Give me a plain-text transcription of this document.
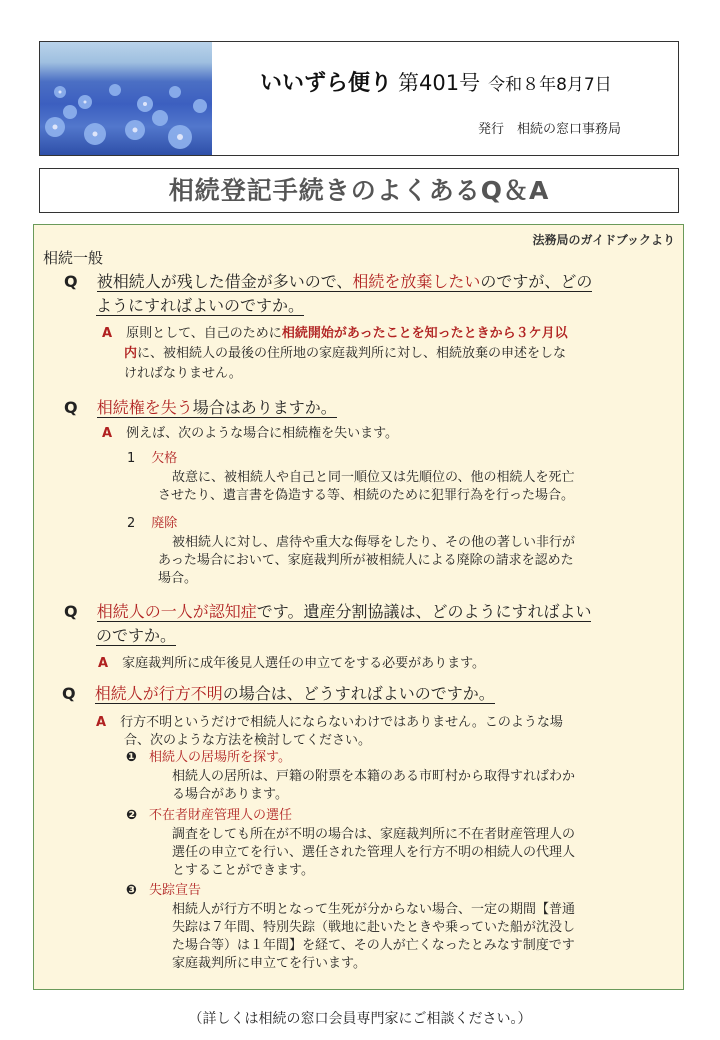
いいずら便り 第401号 令和８年8月7日
発行　相続の窓口事務局
相続登記手続きのよくあるQ＆A
法務局のガイドブックより
相続一般
Q 被相続人が残した借金が多いので、相続を放棄したいのですが、どの
ようにすればよいのですか。
A 原則として、自己のために相続開始があったことを知ったときから３ケ月以
内に、被相続人の最後の住所地の家庭裁判所に対し、相続放棄の申述をしな
ければなりません。
Q 相続権を失う場合はありますか。
A 例えば、次のような場合に相続権を失います。
1 欠格
故意に、被相続人や自己と同一順位又は先順位の、他の相続人を死亡
させたり、遺言書を偽造する等、相続のために犯罪行為を行った場合。
2 廃除
被相続人に対し、虐待や重大な侮辱をしたり、その他の著しい非行が
あった場合において、家庭裁判所が被相続人による廃除の請求を認めた
場合。
Q 相続人の一人が認知症です。遺産分割協議は、どのようにすればよい
のですか。
A 家庭裁判所に成年後見人選任の申立てをする必要があります。
Q 相続人が行方不明の場合は、どうすればよいのですか。
A 行方不明というだけで相続人にならないわけではありません。このような場
合、次のような方法を検討してください。
❶ 相続人の居場所を探す。
相続人の居所は、戸籍の附票を本籍のある市町村から取得すればわか
る場合があります。
❷ 不在者財産管理人の選任
調査をしても所在が不明の場合は、家庭裁判所に不在者財産管理人の
選任の申立てを行い、選任された管理人を行方不明の相続人の代理人
とすることができます。
❸ 失踪宣告
相続人が行方不明となって生死が分からない場合、一定の期間【普通
失踪は７年間、特別失踪（戦地に赴いたときや乗っていた船が沈没し
た場合等）は１年間】を経て、その人が亡くなったとみなす制度です
家庭裁判所に申立てを行います。
（詳しくは相続の窓口会員専門家にご相談ください。）
